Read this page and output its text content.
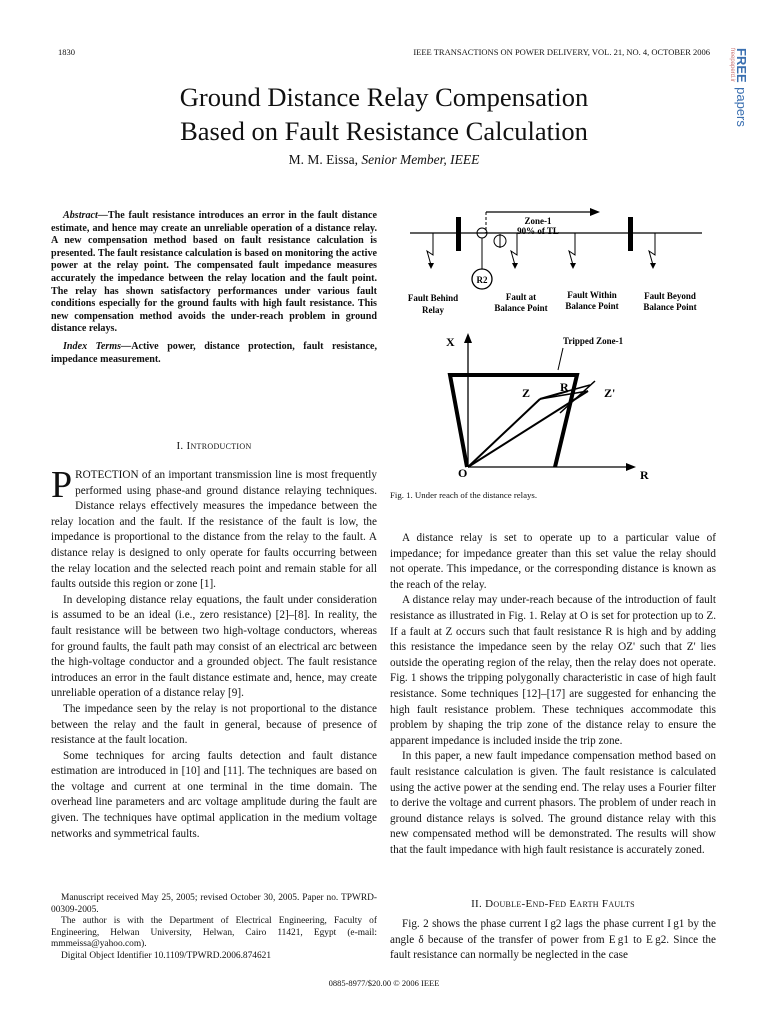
1830	IEEE TRANSACTIONS ON POWER DELIVERY, VOL. 21, NO. 4, OCTOBER 2006 FREE papers
freepaperd.ir
Ground Distance Relay Compensation
Based on Fault Resistance Calculation
M. M. Eissa, Senior Member, IEEE

Abstract—The fault resistance introduces an error in the fault distance estimate, and hence may create an unreliable operation of a distance relay. A new compensation method based on fault resistance calculation is presented. The fault resistance calculation is based on monitoring the active power at the relay point. The compensated fault impedance measures accurately the impedance between the relay location and the fault point. The relay has shown satisfactory performances under various fault conditions especially for the ground faults with high fault resistance. This new compensation method avoids the under-reach problem in ground distance relays.

Index Terms—Active power, distance protection, fault resistance, impedance measurement.

I. Introduction

PROTECTION of an important transmission line is most frequently performed using phase-and ground distance relaying techniques. Distance relays effectively measures the impedance between the relay location and the fault. If the resistance of the fault is low, the impedance is proportional to the distance from the relay to the fault. A distance relay is designed to only operate for faults occurring between the relay location and the selected reach point and remain stable for all faults outside this region or zone [1].

In developing distance relay equations, the fault under consideration is assumed to be an ideal (i.e., zero resistance) [2]–[8]. In reality, the fault resistance will be between two high-voltage conductors, whereas for ground faults, the fault path may consist of an electrical arc between the high-voltage conductor and a grounded object. The fault resistance introduces an error in the fault distance estimate and, hence, may create unreliable operation of a distance relay [9].

The impedance seen by the relay is not proportional to the distance between the relay and the fault in general, because of presence of resistance at the fault location.

Some techniques for arcing faults detection and fault distance estimation are introduced in [10] and [11]. The techniques are based on the voltage and current at one terminal in the time domain. The overhead line parameters and arc voltage amplitude during the fault are given. The techniques have optimal application in the medium voltage networks and symmetrical faults.

Manuscript received May 25, 2005; revised October 30, 2005. Paper no. TPWRD-00309-2005.

The author is with the Department of Electrical Engineering, Faculty of Engineering, Helwan University, Helwan, Cairo 11421, Egypt (e-mail: mmmeissa@yahoo.com).

Digital Object Identifier 10.1109/TPWRD.2006.874621

Zone-1
90% of TL
R2
Fault Behind Relay
Fault at Balance Point
Fault Within Balance Point
Fault Beyond Balance Point
X
R
O
Tripped Zone-1
Z R	Z'
Fig. 1. Under reach of the distance relays.

A distance relay is set to operate up to a particular value of impedance; for impedance greater than this set value the relay should not operate. This impedance, or the corresponding distance is known as the reach of the relay.

A distance relay may under-reach because of the introduction of fault resistance as illustrated in Fig. 1. Relay at O is set for protection up to Z. If a fault at Z occurs such that fault resistance R is high and by adding this resistance the impedance seen by the relay OZ' such that Z' lies outside the operating region of the relay, then the relay does not operate. Fig. 1 shows the tripping polygonally characteristic in case of high fault resistance. Some techniques [12]–[17] are suggested for enhancing the high fault resistance problem. These techniques accommodate this problem by shaping the trip zone of the distance relay to ensure the apparent impedance is included inside the trip zone.

In this paper, a new fault impedance compensation method based on fault resistance calculation is given. The fault resistance is calculated using the active power at the sending end. The relay uses a Fourier filter to derive the voltage and current phasors. The problem of under reach in ground distance relays is solved. The ground distance relay with this new compensated method will be demonstrated. The results will show that the fault impedance with high fault resistance is accurately zoned.

II. Double-End-Fed Earth Faults

Fig. 2 shows the phase current I g2 lags the phase current I g1 by the angle δ because of the transfer of power from E g1 to E g2. Since the fault resistance can normally be neglected in the case

0885-8977/$20.00 © 2006 IEEE
